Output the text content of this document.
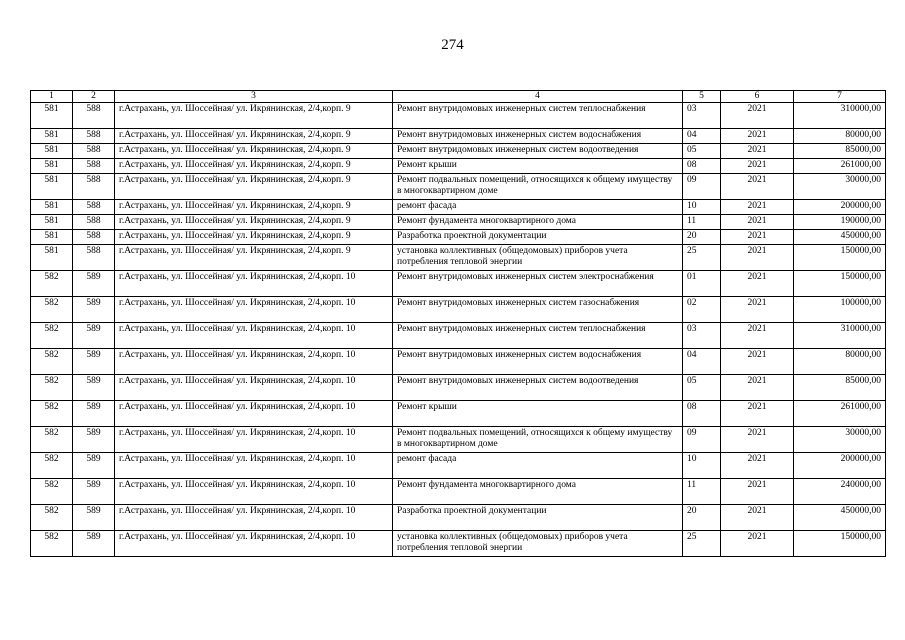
274
1	2	3	4	5	6	7
581	588	г.Астрахань, ул. Шоссейная/ ул. Икрянинская, 2/4,корп. 9	Ремонт внутридомовых инженерных систем теплоснабжения	03	2021	310000,00
581	588	г.Астрахань, ул. Шоссейная/ ул. Икрянинская, 2/4,корп. 9	Ремонт внутридомовых инженерных систем водоснабжения	04	2021	80000,00
581	588	г.Астрахань, ул. Шоссейная/ ул. Икрянинская, 2/4,корп. 9	Ремонт внутридомовых инженерных систем водоотведения	05	2021	85000,00
581	588	г.Астрахань, ул. Шоссейная/ ул. Икрянинская, 2/4,корп. 9	Ремонт крыши	08	2021	261000,00
581	588	г.Астрахань, ул. Шоссейная/ ул. Икрянинская, 2/4,корп. 9	Ремонт подвальных помещений, относящихся к общему имуществу в многоквартирном доме	09	2021	30000,00
581	588	г.Астрахань, ул. Шоссейная/ ул. Икрянинская, 2/4,корп. 9	ремонт фасада	10	2021	200000,00
581	588	г.Астрахань, ул. Шоссейная/ ул. Икрянинская, 2/4,корп. 9	Ремонт фундамента многоквартирного дома	11	2021	190000,00
581	588	г.Астрахань, ул. Шоссейная/ ул. Икрянинская, 2/4,корп. 9	Разработка проектной документации	20	2021	450000,00
581	588	г.Астрахань, ул. Шоссейная/ ул. Икрянинская, 2/4,корп. 9	установка коллективных (общедомовых) приборов учета потребления тепловой энергии	25	2021	150000,00
582	589	г.Астрахань, ул. Шоссейная/ ул. Икрянинская, 2/4,корп. 10	Ремонт внутридомовых инженерных систем электроснабжения	01	2021	150000,00
582	589	г.Астрахань, ул. Шоссейная/ ул. Икрянинская, 2/4,корп. 10	Ремонт внутридомовых инженерных систем газоснабжения	02	2021	100000,00
582	589	г.Астрахань, ул. Шоссейная/ ул. Икрянинская, 2/4,корп. 10	Ремонт внутридомовых инженерных систем теплоснабжения	03	2021	310000,00
582	589	г.Астрахань, ул. Шоссейная/ ул. Икрянинская, 2/4,корп. 10	Ремонт внутридомовых инженерных систем водоснабжения	04	2021	80000,00
582	589	г.Астрахань, ул. Шоссейная/ ул. Икрянинская, 2/4,корп. 10	Ремонт внутридомовых инженерных систем водоотведения	05	2021	85000,00
582	589	г.Астрахань, ул. Шоссейная/ ул. Икрянинская, 2/4,корп. 10	Ремонт крыши	08	2021	261000,00
582	589	г.Астрахань, ул. Шоссейная/ ул. Икрянинская, 2/4,корп. 10	Ремонт подвальных помещений, относящихся к общему имуществу в многоквартирном доме	09	2021	30000,00
582	589	г.Астрахань, ул. Шоссейная/ ул. Икрянинская, 2/4,корп. 10	ремонт фасада	10	2021	200000,00
582	589	г.Астрахань, ул. Шоссейная/ ул. Икрянинская, 2/4,корп. 10	Ремонт фундамента многоквартирного дома	11	2021	240000,00
582	589	г.Астрахань, ул. Шоссейная/ ул. Икрянинская, 2/4,корп. 10	Разработка проектной документации	20	2021	450000,00
582	589	г.Астрахань, ул. Шоссейная/ ул. Икрянинская, 2/4,корп. 10	установка коллективных (общедомовых) приборов учета потребления тепловой энергии	25	2021	150000,00
